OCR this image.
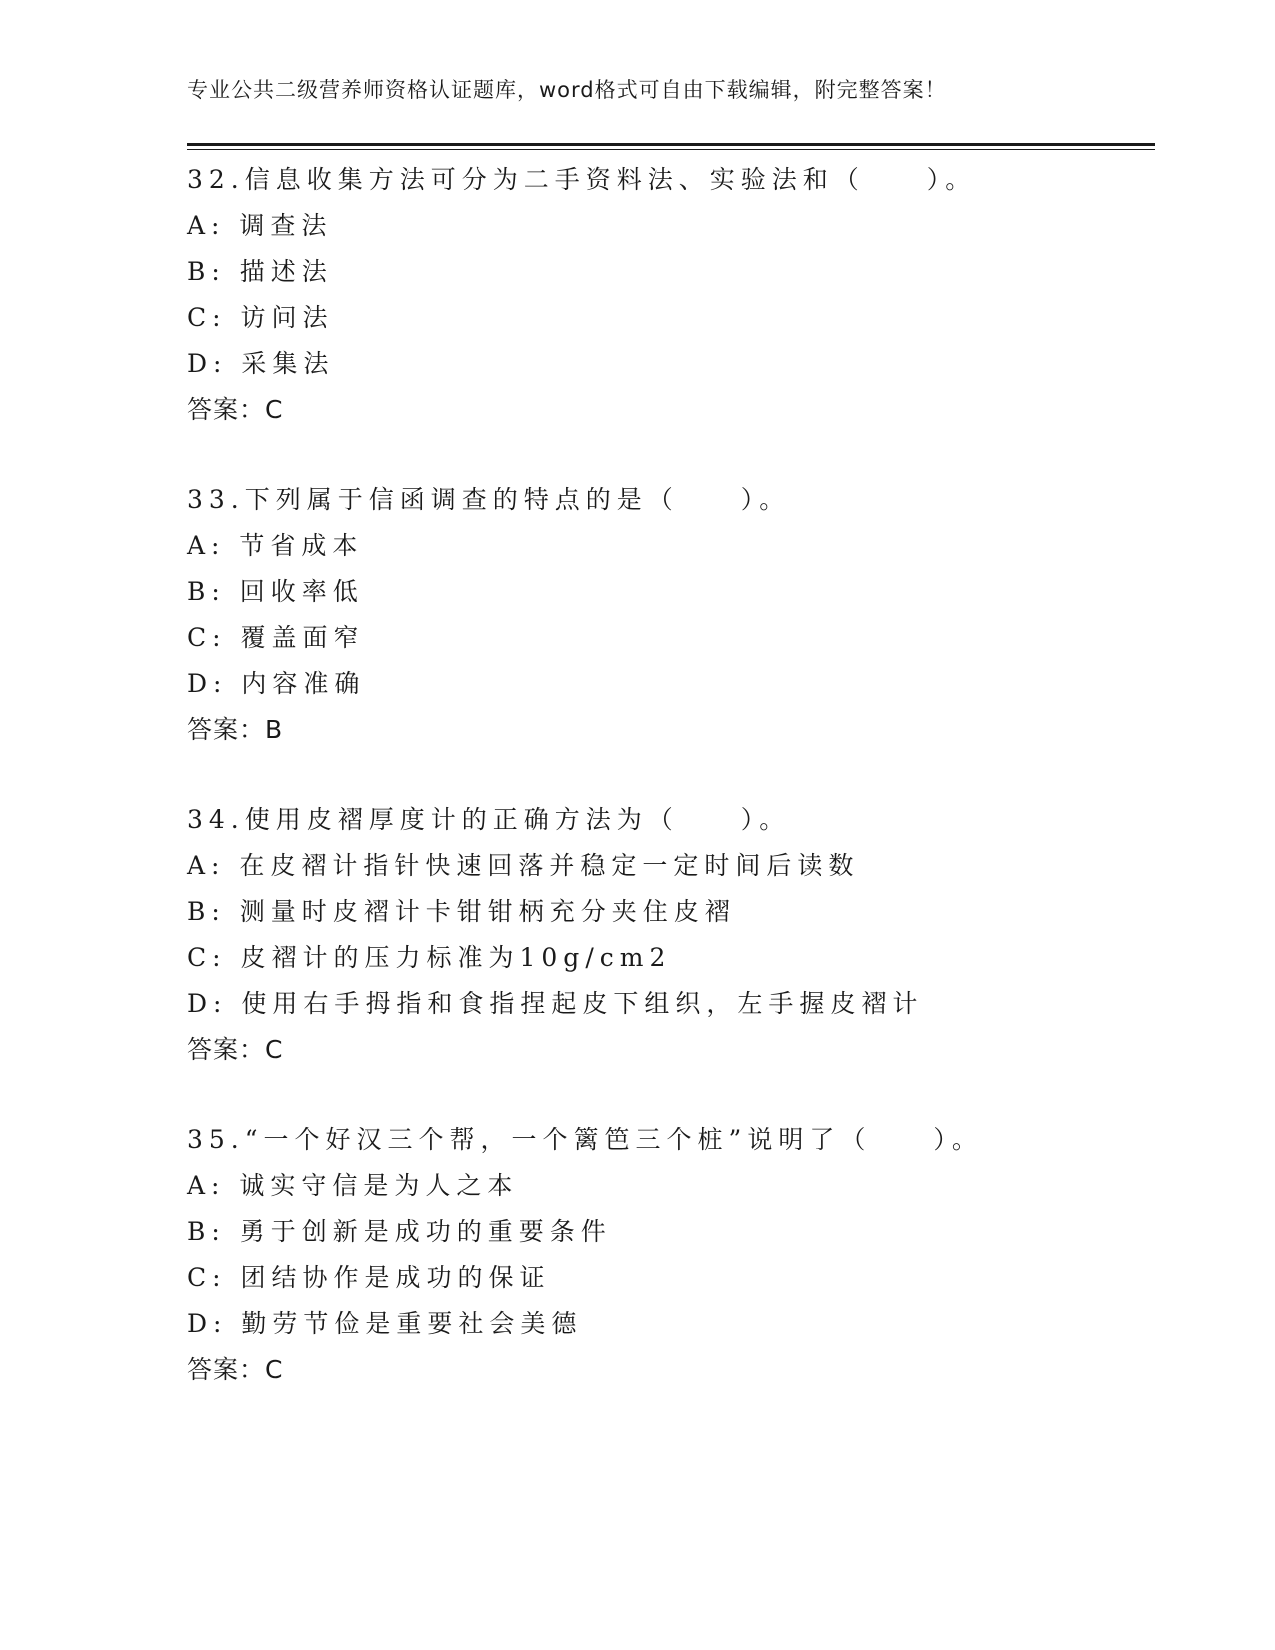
专业公共二级营养师资格认证题库，word格式可自由下载编辑，附完整答案！
32.信息收集方法可分为二手资料法、实验法和（　　）。
A: 调查法
B: 描述法
C: 访问法
D: 采集法
答案：C
33.下列属于信函调查的特点的是（　　）。
A: 节省成本
B: 回收率低
C: 覆盖面窄
D: 内容准确
答案：B
34.使用皮褶厚度计的正确方法为（　　）。
A: 在皮褶计指针快速回落并稳定一定时间后读数
B: 测量时皮褶计卡钳钳柄充分夹住皮褶
C: 皮褶计的压力标准为10g/cm2
D: 使用右手拇指和食指捏起皮下组织，左手握皮褶计
答案：C
35.“一个好汉三个帮，一个篱笆三个桩”说明了（　　）。
A: 诚实守信是为人之本
B: 勇于创新是成功的重要条件
C: 团结协作是成功的保证
D: 勤劳节俭是重要社会美德
答案：C
